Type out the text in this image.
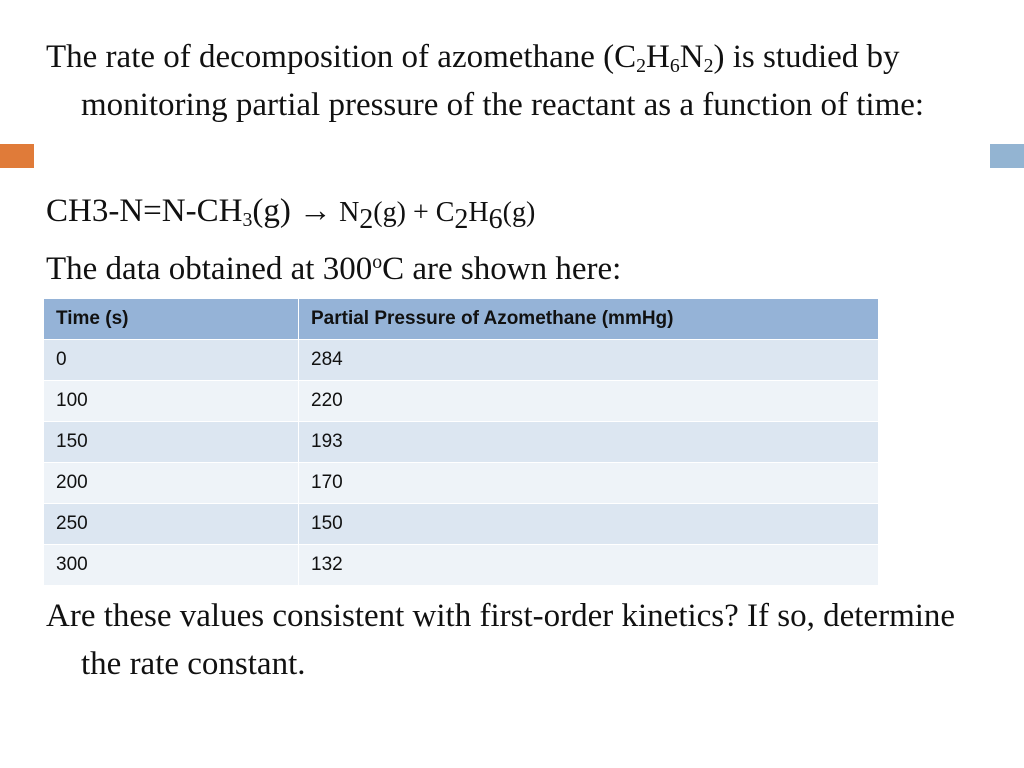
The rate of decomposition of azomethane $(C_2H_6N_2)$ is studied by monitoring partial pressure of the reactant as a function of time:

$CH3-N=N-CH_3(g) \to N_2(g) + C_2H_6(g)$

The data obtained at 300$^o$C are shown here:

Time (s)	Partial Pressure of Azomethane (mmHg)
0	284
100	220
150	193
200	170
250	150
300	132

Are these values consistent with first-order kinetics? If so, determine the rate constant.
